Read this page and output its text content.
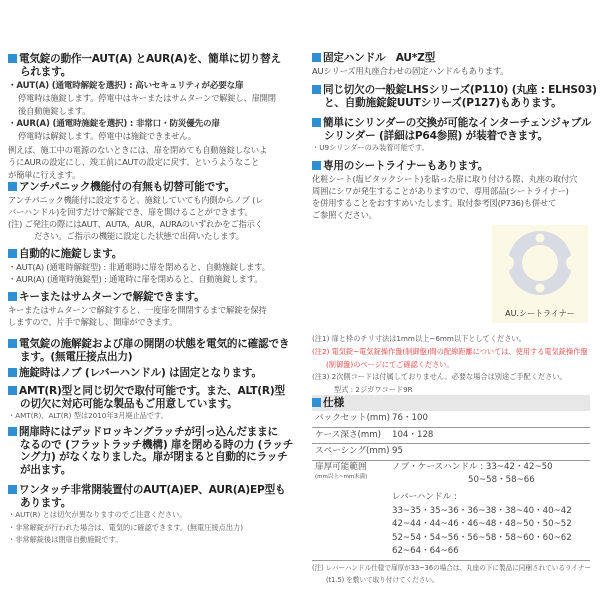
電気錠の動作一AUT(A) とAUR(A)を、簡単に切り替え
られます。
・AUT(A) (通電時解錠を選択) : 高いセキュリティが必要な扉
停電時は施錠します。停電中はキーまたはサムターンで解錠し、扉開閉
後自動施錠します。
・AUR(A) (通電時施錠を選択) : 非常口・防災優先の扉
停電時は解錠します。停電中は施錠できません。
例えば、施工中の電源のないときには、扉を閉めても自動施錠しないよ
うにAURの設定にし、竣工前にAUTの設定に戻す、というようなこと
が簡単に行えます。
アンチパニック機能付の有無も切替可能です。
アンチパニック機能付に設定すると、施錠していても内側からノブ (レ
バーハンドル)を回すだけで解錠でき、扉を開けることができます。
(注) ご発注の際にはAUT、AUTA、AUR、AURAのいずれかをご指示く
ださい。ご指示の機能に設定した状態で出荷いたします。
自動的に施錠します。
・AUT(A) (通電時解錠型) : 非通電時に扉を閉めると、自動施錠します。
・AUR(A) (通電時施錠型) : 通電時に扉を閉めると、自動施錠します。
キーまたはサムターンで解錠できます。
キーまたはサムターンで解錠すると、一度扉を開閉するまで解錠を保持
しますので、片手で解錠し、開扉ができます。
電気錠の施解錠および扉の開閉の状態を電気的に確認でき
ます。(無電圧接点出力)
施錠時はノブ (レバーハンドル) は固定となります。
AMT(R)型と同じ切欠で取付可能です。また、ALT(R)型
の切欠に対応可能な製品もご用意しています。
・AMT(R)、ALT(R) 型は2010年3月廃止品です。
開扉時にはデッドロッキングラッチが引っ込んだままに
なるので (フラットラッチ機構) 扉を閉める時の力 (ラッチ
ング力) がなくなりました。扉が閉まると自動的にラッチ
が出ます。
ワンタッチ非常開装置付のAUT(A)EP、AUR(A)EP型も
あります。
・AUT(R) とは切欠が異なりますのでご注意ください。
・非常解錠が行われた場合は、電気的に確認できます。(無電圧接点出力)
・非常解錠後は閉扉自動施錠です。
固定ハンドル　AU*Z型
AUシリーズ用丸座合わせの固定ハンドルもあります。
同じ切欠の一般錠LHSシリーズ(P110) (丸座 : ELHS03)
と、自動施錠錠UUTシリーズ(P127)もあります。
簡単にシリンダーの交換が可能なインターチェンジャブル
シリンダー (詳細はP64参照) が装着できます。
・U9シリンダーのみ装着可能です。
専用のシートライナーもあります。
化粧シート(塩ビタックシート)を貼った扉に取り付ける際、丸座の取付穴
周囲にシワが発生することがありますので、専用部品(シートライナー)
を併用することをおすすめいたします。取付参考図(P736)も併せて
ご参照ください。
AU.シートライナー
(注1) 扉と枠のチリ寸法は1mm以上~6mm以下としてください。
(注2) 電気錠~電気錠操作盤(制御盤)間の配線距離については、使用する電気錠操作盤
(制御盤)のページにてご確認ください。
(注3) 2次側コードは付属しておりません。必要な場合は別途ご手配ください。
型式 : 2ジガワコード9R
仕様
バックセット(mm) 76・100
ケース深さ(mm)	104・128
スペーシング(mm) 95
扉厚可能範囲
(mm以上~mm未満)
ノブ・ケースハンドル : 33~42・42~50
50~58・58~66
レバーハンドル :
33~35・35~36・36~38・38~40・40~42
42~44・44~46・46~48・48~50・50~52
52~54・54~56・56~58・58~60・60~62
62~64・64~66
(注) レバーハンドル仕様で扉厚が33~36の場合は、丸座の下に製品に同梱されているライナー
(t1.5) を敷いて取り付けてください。
